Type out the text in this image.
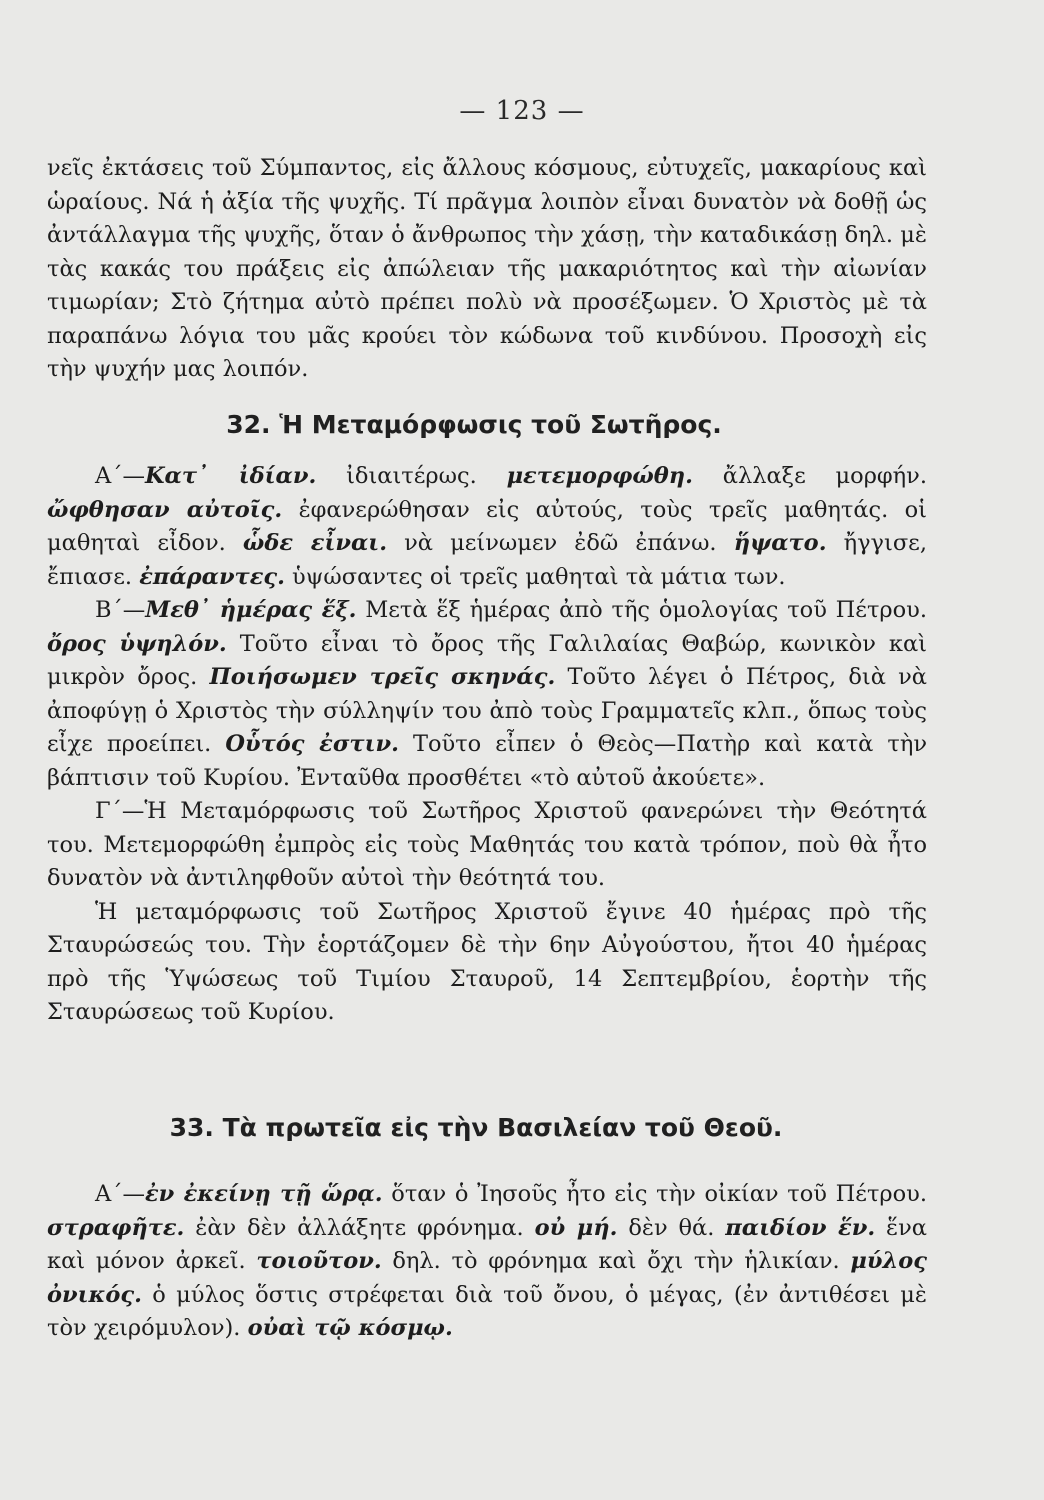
— 123 —

νεῖς ἐκτάσεις τοῦ Σύμπαντος, εἰς ἄλλους κόσμους, εὐτυχεῖς, μακαρίους καὶ ὡραίους. Νά ἡ ἀξία τῆς ψυχῆς. Τί πρᾶγμα λοιπὸν εἶναι δυνατὸν νὰ δοθῇ ὡς ἀντάλλαγμα τῆς ψυχῆς, ὅταν ὁ ἄνθρωπος τὴν χάσῃ, τὴν καταδικάσῃ δηλ. μὲ τὰς κακάς του πράξεις εἰς ἀπώλειαν τῆς μακαριότητος καὶ τὴν αἰωνίαν τιμωρίαν; Στὸ ζήτημα αὐτὸ πρέπει πολὺ νὰ προσέξωμεν. Ὁ Χριστὸς μὲ τὰ παραπάνω λόγια του μᾶς κρούει τὸν κώδωνα τοῦ κινδύνου. Προσοχὴ εἰς τὴν ψυχήν μας λοιπόν.

32. Ἡ Μεταμόρφωσις τοῦ Σωτῆρος.

Α΄—Κατ᾽ ἰδίαν. ἰδιαιτέρως. μετεμορφώθη. ἄλλαξε μορφήν. ὤφθησαν αὐτοῖς. ἐφανερώθησαν εἰς αὐτούς, τοὺς τρεῖς μαθητάς. οἱ μαθηταὶ εἶδον. ὧδε εἶναι. νὰ μείνωμεν ἐδῶ ἐπάνω. ἥψατο. ἤγγισε, ἔπιασε. ἐπάραντες. ὑψώσαντες οἱ τρεῖς μαθηταὶ τὰ μάτια των.

Β΄—Μεθ᾽ ἡμέρας ἕξ. Μετὰ ἕξ ἡμέρας ἀπὸ τῆς ὁμολογίας τοῦ Πέτρου. ὄρος ὑψηλόν. Τοῦτο εἶναι τὸ ὄρος τῆς Γαλιλαίας Θαβώρ, κωνικὸν καὶ μικρὸν ὄρος. Ποιήσωμεν τρεῖς σκηνάς. Τοῦτο λέγει ὁ Πέτρος, διὰ νὰ ἀποφύγῃ ὁ Χριστὸς τὴν σύλληψίν του ἀπὸ τοὺς Γραμματεῖς κλπ., ὅπως τοὺς εἶχε προείπει. Οὗτός ἐστιν. Τοῦτο εἶπεν ὁ Θεὸς—Πατὴρ καὶ κατὰ τὴν βάπτισιν τοῦ Κυρίου. Ἐνταῦθα προσθέτει «τὸ αὐτοῦ ἀκούετε».

Γ΄—Ἡ Μεταμόρφωσις τοῦ Σωτῆρος Χριστοῦ φανερώνει τὴν Θεότητά του. Μετεμορφώθη ἐμπρὸς εἰς τοὺς Μαθητάς του κατὰ τρόπον, ποὺ θὰ ἦτο δυνατὸν νὰ ἀντιληφθοῦν αὐτοὶ τὴν θεότητά του.

Ἡ μεταμόρφωσις τοῦ Σωτῆρος Χριστοῦ ἔγινε 40 ἡμέρας πρὸ τῆς Σταυρώσεώς του. Τὴν ἑορτάζομεν δὲ τὴν 6ην Αὐγούστου, ἤτοι 40 ἡμέρας πρὸ τῆς Ὑψώσεως τοῦ Τιμίου Σταυροῦ, 14 Σεπτεμβρίου, ἑορτὴν τῆς Σταυρώσεως τοῦ Κυρίου.

33. Τὰ πρωτεῖα εἰς τὴν Βασιλείαν τοῦ Θεοῦ.

Α΄—ἐν ἐκείνῃ τῇ ὥρᾳ. ὅταν ὁ Ἰησοῦς ἦτο εἰς τὴν οἰκίαν τοῦ Πέτρου. στραφῆτε. ἐὰν δὲν ἀλλάξητε φρόνημα. οὐ μή. δὲν θά. παιδίον ἕν. ἕνα καὶ μόνον ἀρκεῖ. τοιοῦτον. δηλ. τὸ φρόνημα καὶ ὄχι τὴν ἡλικίαν. μύλος ὀνικός. ὁ μύλος ὅστις στρέφεται διὰ τοῦ ὄνου, ὁ μέγας, (ἐν ἀντιθέσει μὲ τὸν χειρόμυλον). οὐαὶ τῷ κόσμῳ.
